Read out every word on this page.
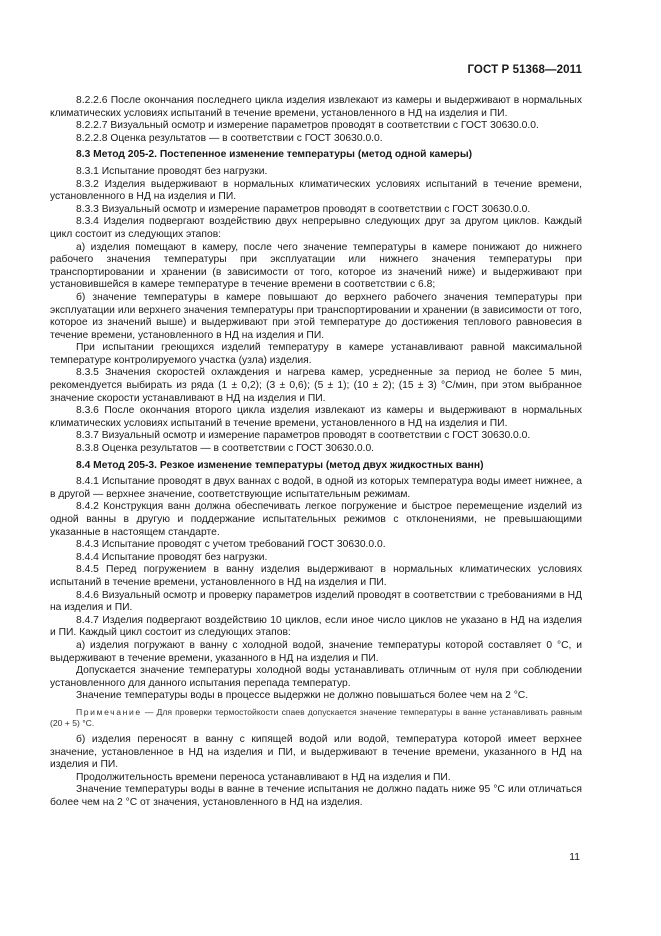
ГОСТ Р 51368—2011

8.2.2.6 После окончания последнего цикла изделия извлекают из камеры и выдерживают в нормальных климатических условиях испытаний в течение времени, установленного в НД на изделия и ПИ.

8.2.2.7 Визуальный осмотр и измерение параметров проводят в соответствии с ГОСТ 30630.0.0.

8.2.2.8 Оценка результатов — в соответствии с ГОСТ 30630.0.0.

8.3 Метод 205-2. Постепенное изменение температуры (метод одной камеры)

8.3.1 Испытание проводят без нагрузки.

8.3.2 Изделия выдерживают в нормальных климатических условиях испытаний в течение времени, установленного в НД на изделия и ПИ.

8.3.3 Визуальный осмотр и измерение параметров проводят в соответствии с ГОСТ 30630.0.0.

8.3.4 Изделия подвергают воздействию двух непрерывно следующих друг за другом циклов. Каждый цикл состоит из следующих этапов:

а) изделия помещают в камеру, после чего значение температуры в камере понижают до нижнего рабочего значения температуры при эксплуатации или нижнего значения температуры при транспортировании и хранении (в зависимости от того, которое из значений ниже) и выдерживают при установившейся в камере температуре в течение времени в соответствии с 6.8;

б) значение температуры в камере повышают до верхнего рабочего значения температуры при эксплуатации или верхнего значения температуры при транспортировании и хранении (в зависимости от того, которое из значений выше) и выдерживают при этой температуре до достижения теплового равновесия в течение времени, установленного в НД на изделия и ПИ.

При испытании греющихся изделий температуру в камере устанавливают равной максимальной температуре контролируемого участка (узла) изделия.

8.3.5 Значения скоростей охлаждения и нагрева камер, усредненные за период не более 5 мин, рекомендуется выбирать из ряда (1 ± 0,2); (3 ± 0,6); (5 ± 1); (10 ± 2); (15 ± 3) °С/мин, при этом выбранное значение скорости устанавливают в НД на изделия и ПИ.

8.3.6 После окончания второго цикла изделия извлекают из камеры и выдерживают в нормальных климатических условиях испытаний в течение времени, установленного в НД на изделия и ПИ.

8.3.7 Визуальный осмотр и измерение параметров проводят в соответствии с ГОСТ 30630.0.0.

8.3.8 Оценка результатов — в соответствии с ГОСТ 30630.0.0.

8.4 Метод 205-3. Резкое изменение температуры (метод двух жидкостных ванн)

8.4.1 Испытание проводят в двух ваннах с водой, в одной из которых температура воды имеет нижнее, а в другой — верхнее значение, соответствующие испытательным режимам.

8.4.2 Конструкция ванн должна обеспечивать легкое погружение и быстрое перемещение изделий из одной ванны в другую и поддержание испытательных режимов с отклонениями, не превышающими указанные в настоящем стандарте.

8.4.3 Испытание проводят с учетом требований ГОСТ 30630.0.0.

8.4.4 Испытание проводят без нагрузки.

8.4.5 Перед погружением в ванну изделия выдерживают в нормальных климатических условиях испытаний в течение времени, установленного в НД на изделия и ПИ.

8.4.6 Визуальный осмотр и проверку параметров изделий проводят в соответствии с требованиями в НД на изделия и ПИ.

8.4.7 Изделия подвергают воздействию 10 циклов, если иное число циклов не указано в НД на изделия и ПИ. Каждый цикл состоит из следующих этапов:

а) изделия погружают в ванну с холодной водой, значение температуры которой составляет 0 °С, и выдерживают в течение времени, указанного в НД на изделия и ПИ.

Допускается значение температуры холодной воды устанавливать отличным от нуля при соблюдении установленного для данного испытания перепада температур.

Значение температуры воды в процессе выдержки не должно повышаться более чем на 2 °С.

Примечание — Для проверки термостойкости спаев допускается значение температуры в ванне устанавливать равным (20 + 5) °С.

б) изделия переносят в ванну с кипящей водой или водой, температура которой имеет верхнее значение, установленное в НД на изделия и ПИ, и выдерживают в течение времени, указанного в НД на изделия и ПИ.

Продолжительность времени переноса устанавливают в НД на изделия и ПИ.

Значение температуры воды в ванне в течение испытания не должно падать ниже 95 °С или отличаться более чем на 2 °С от значения, установленного в НД на изделия.

11
